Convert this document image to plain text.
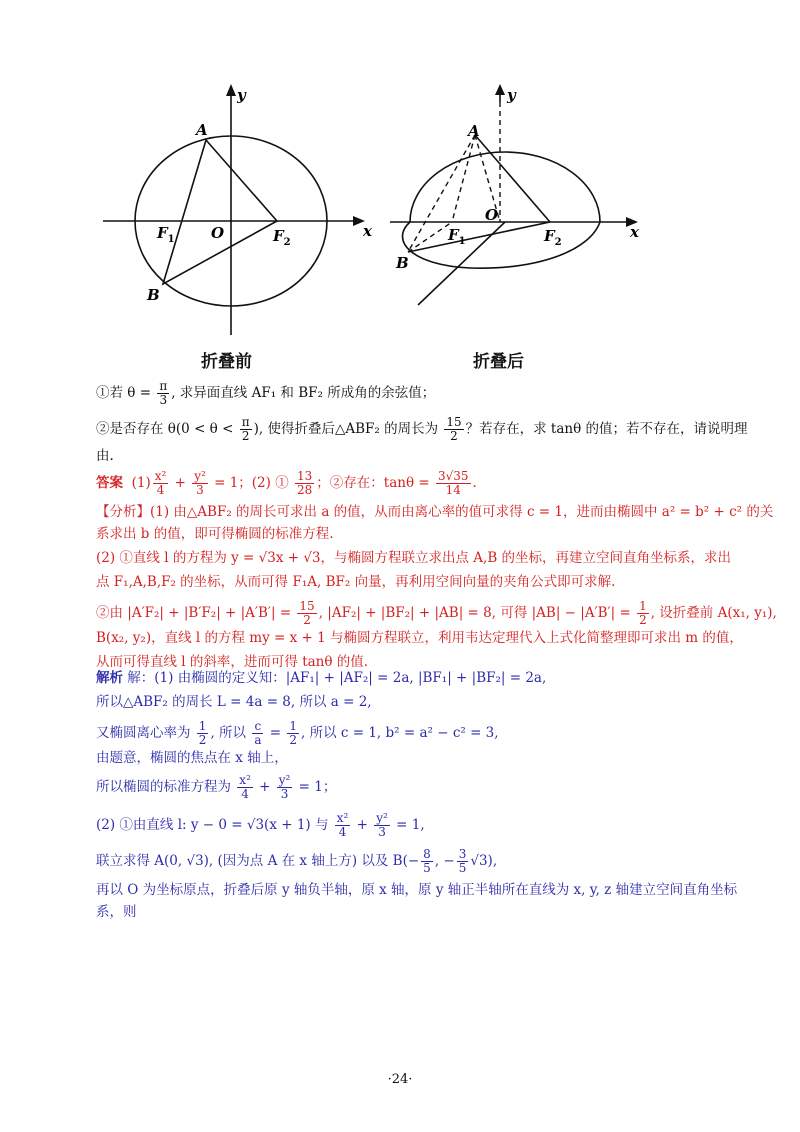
y
x
A
B
$F_1$ O	$F_2$
折叠前
y
x
A
B
O
$F_1$	$F_2$
折叠后
①若 $\theta = \frac{\pi}{3}$ , 求异面直线 AF₁ 和 BF₂ 所成角的余弦值；
②是否存在 $\theta(0 < \theta < \frac{\pi}{2}$ ), 使得折叠后△ABF₂ 的周长为 $\frac{15}{2}$ ？若存在，求 tanθ 的值；若不存在，请说明理
由.
答案 $(1) \frac{\text{x²}}{4} + \frac{\text{y²}}{3} = 1$；(2) ① $\frac{13}{28}$ ；②存在：$\tan\theta = \frac{3√35}{14}$ .
【分析】(1) 由△ABF₂ 的周长可求出 a 的值，从而由离心率的值可求得 c = 1，进而由椭圆中 a² = b² + c² 的关
系求出 b 的值，即可得椭圆的标准方程.
(2) ①直线 l 的方程为 y = √3x + √3，与椭圆方程联立求出点 A,B 的坐标，再建立空间直角坐标系，求出
点 F₁,A,B,F₂ 的坐标，从而可得 F₁A, BF₂ 向量，再利用空间向量的夹角公式即可求解.
②由 $|A'F_2| + |B'F_2| + |A'B'| = \frac{15}{2}$ , |AF₂| + |BF₂| + |AB| = 8, 可得 $|AB| - |A'B'| = \frac{1}{2}$ , 设折叠前 A(x₁, y₁),
B(x₂, y₂)，直线 l 的方程 my = x + 1 与椭圆方程联立，利用韦达定理代入上式化简整理即可求出 m 的值，
从而可得直线 l 的斜率，进而可得 tanθ 的值.
解析 解：(1) 由椭圆的定义知：|AF₁| + |AF₂| = 2a, |BF₁| + |BF₂| = 2a,
所以△ABF₂ 的周长 L = 4a = 8, 所以 a = 2,
又椭圆离心率为 $\frac{1}{2}$ , 所以 $\frac{c}{a} = \frac{1}{2}$ , 所以 c = 1, b² = a² − c² = 3,
由题意，椭圆的焦点在 x 轴上，
所以椭圆的标准方程为 $\frac{\text{x²}}{4} + \frac{\text{y²}}{3} = 1$；
(2) ①由直线 l: y − 0 = √3(x + 1) 与 $\frac{\text{x²}}{4} + \frac{\text{y²}}{3} = 1$,
联立求得 A(0, √3), (因为点 A 在 x 轴上方) 以及 $B(- \frac{8}{5}$ , − $\frac{3}{5} √3$),
再以 O 为坐标原点，折叠后原 y 轴负半轴，原 x 轴，原 y 轴正半轴所在直线为 x, y, z 轴建立空间直角坐标
系，则
·24·
